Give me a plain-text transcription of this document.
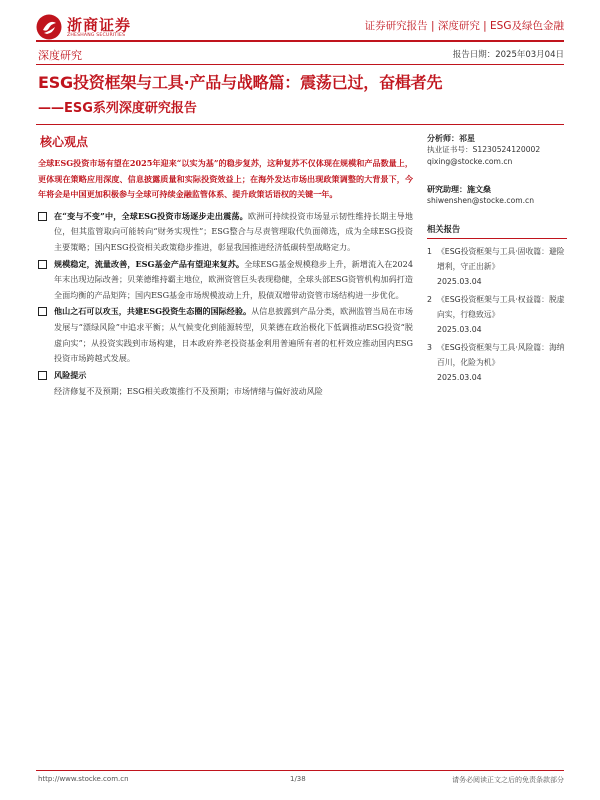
浙商证券
ZHESHANG SECURITIES
证券研究报告 | 深度研究 | ESG及绿色金融
深度研究	报告日期：2025年03月04日
ESG投资框架与工具·产品与战略篇：震荡已过，奋楫者先
——ESG系列深度研究报告
核心观点

全球ESG投资市场有望在2025年迎来“以实为基”的稳步复苏，这种复苏不仅体现在规模和产品数量上，更体现在策略应用深度、信息披露质量和实际投资效益上；在海外发达市场出现政策调整的大背景下，今年将会是中国更加积极参与全球可持续金融监管体系、提升政策话语权的关键一年。

在“变与不变”中，全球ESG投资市场逐步走出震荡。欧洲可持续投资市场显示韧性维持长期主导地位，但其监管取向可能转向“财务实现性”；ESG整合与尽责管理取代负面筛选，成为全球ESG投资主要策略；国内ESG投资相关政策稳步推进，彰显我国推进经济低碳转型战略定力。
规模稳定，流量改善，ESG基金产品有望迎来复苏。全球ESG基金规模稳步上升，新增流入在2024年末出现边际改善；贝莱德维持霸主地位，欧洲资管巨头表现稳健，全球头部ESG资管机构加码打造全面均衡的产品矩阵；国内ESG基金市场规模波动上升，股债双增带动资管市场结构进一步优化。
他山之石可以攻玉，共建ESG投资生态圈的国际经验。从信息披露到产品分类，欧洲监管当局在市场发展与“漂绿风险”中追求平衡；从气候变化到能源转型，贝莱德在政治极化下低调推动ESG投资“脱虚向实”；从投资实践到市场构建，日本政府养老投资基金利用普遍所有者的杠杆效应推动国内ESG投资市场跨越式发展。
风险提示
经济修复不及预期；ESG相关政策推行不及预期；市场情绪与偏好波动风险
分析师：祁星
执业证书号：S1230524120002
qixing@stocke.com.cn
研究助理：施文燊
shiwenshen@stocke.com.cn
相关报告
1 《ESG投资框架与工具·固收篇：避险增利，守正出新》
2025.03.04
2 《ESG投资框架与工具·权益篇：脱虚向实，行稳致远》
2025.03.04
3 《ESG投资框架与工具·风险篇：海纳百川，化险为机》
2025.03.04
http://www.stocke.com.cn	1/38	请务必阅读正文之后的免责条款部分
